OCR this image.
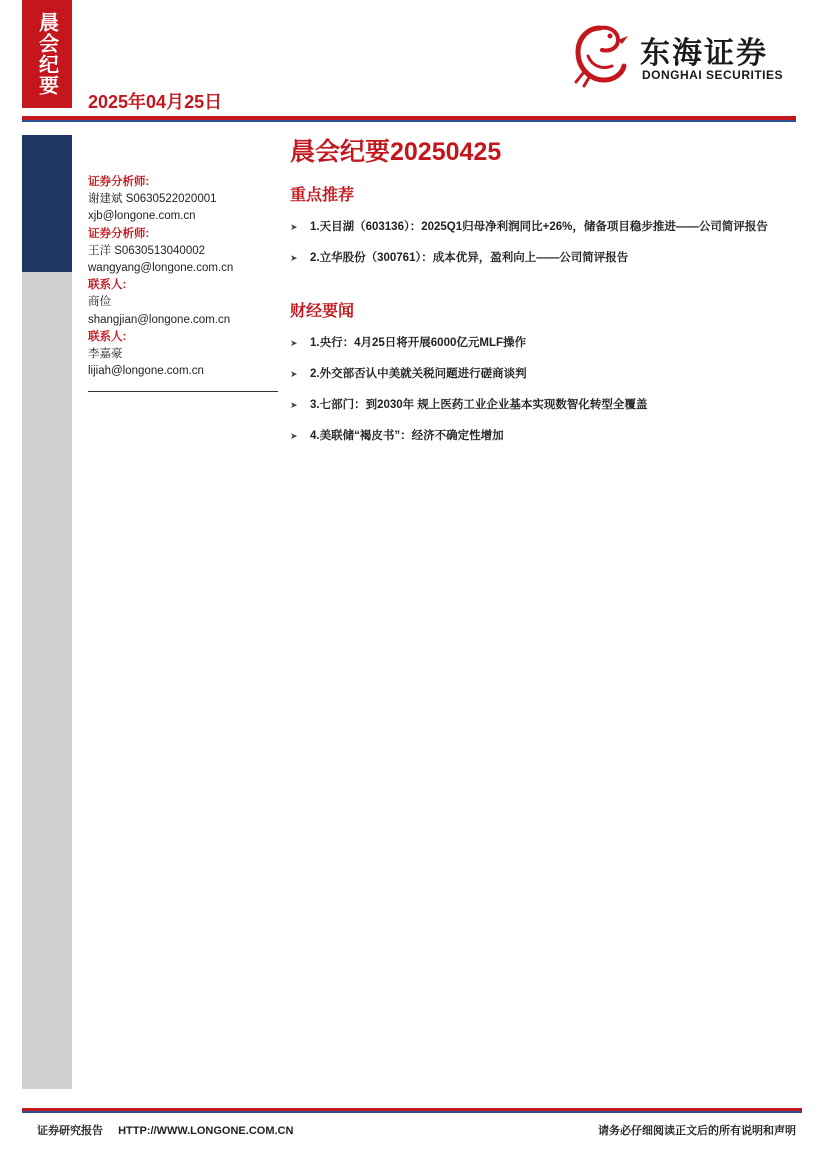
晨会纪要
2025年04月25日
东海证券
DONGHAI SECURITIES
证券分析师:
谢建斌 S0630522020001
xjb@longone.com.cn
证券分析师:
王洋 S0630513040002
wangyang@longone.com.cn
联系人:
商俭
shangjian@longone.com.cn
联系人:
李嘉豪
lijiah@longone.com.cn
晨会纪要20250425
重点推荐
➤	1.天目湖（603136）：2025Q1归母净利润同比+26%，储备项目稳步推进——公司简评报告
➤	2.立华股份（300761）：成本优异，盈利向上——公司简评报告
财经要闻
➤	1.央行：4月25日将开展6000亿元MLF操作
➤	2.外交部否认中美就关税问题进行磋商谈判
➤	3.七部门：到2030年 规上医药工业企业基本实现数智化转型全覆盖
➤	4.美联储“褐皮书”：经济不确定性增加
证券研究报告 HTTP://WWW.LONGONE.COM.CN	请务必仔细阅读正文后的所有说明和声明
